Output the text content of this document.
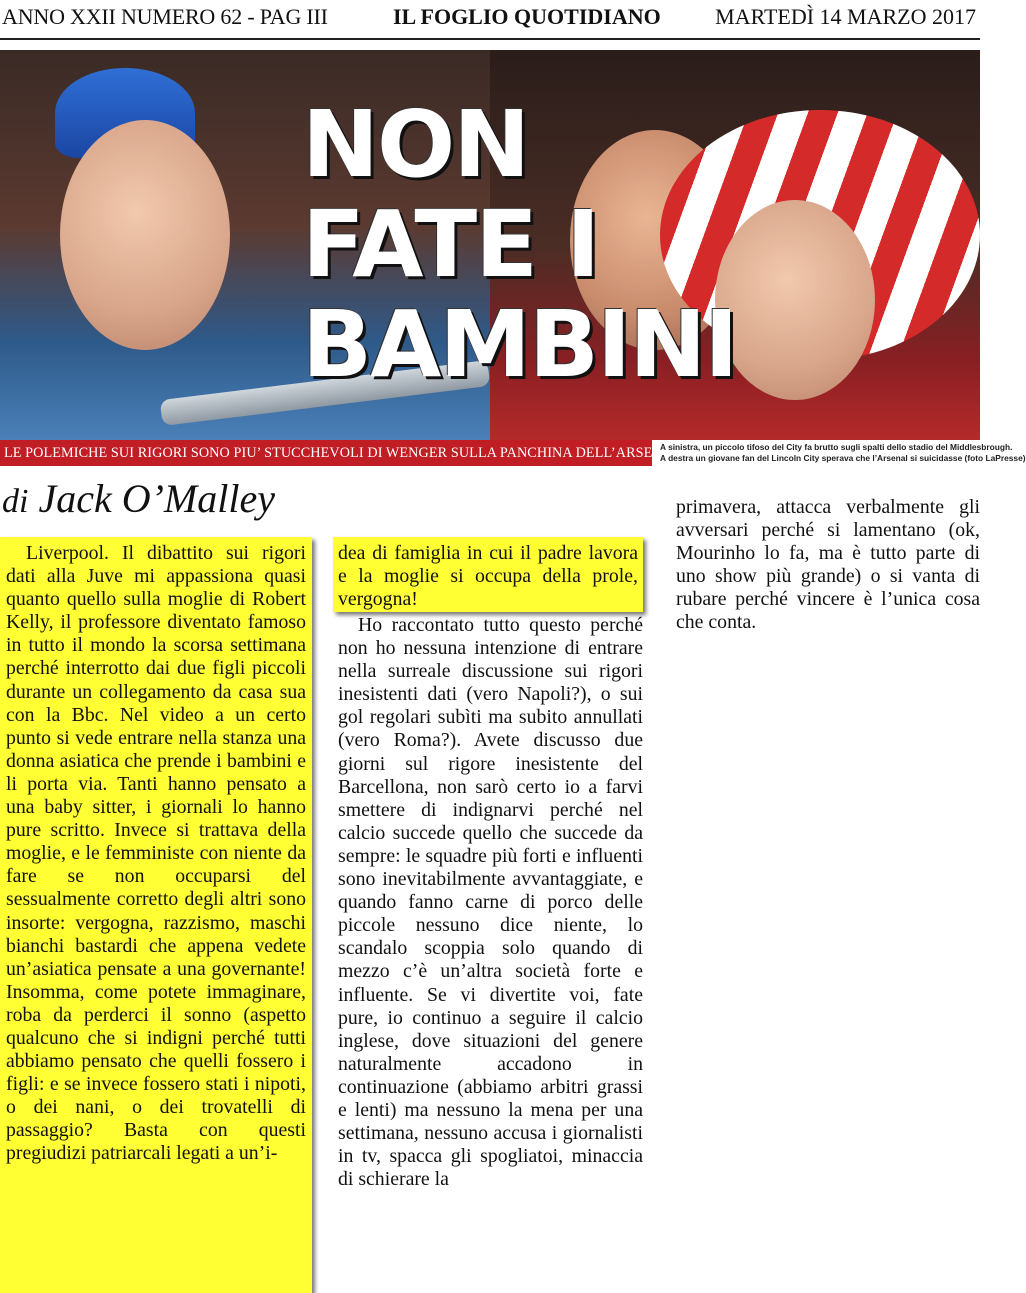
ANNO XXII NUMERO 62 - PAG III	IL FOGLIO QUOTIDIANO MARTEDÌ 14 MARZO 2017
NON
FATE I
BAMBINI
LE POLEMICHE SUI RIGORI SONO PIU’ STUCCHEVOLI DI WENGER SULLA PANCHINA DELL’ARSENAL
A sinistra, un piccolo tifoso del City fa brutto sugli spalti dello stadio del Middlesbrough.
A destra un giovane fan del Lincoln City sperava che l’Arsenal si suicidasse (foto LaPresse)
di Jack O’Malley
Liverpool. Il dibattito sui rigori dati alla Juve mi appassiona quasi quanto quello sulla moglie di Robert Kelly, il professore diventato famoso in tutto il mondo la scorsa settimana perché interrotto dai due figli piccoli durante un collegamento da casa sua con la Bbc. Nel video a un certo punto si vede entrare nella stanza una donna asiatica che prende i bambini e li porta via. Tanti hanno pensato a una baby sitter, i giornali lo hanno pure scritto. Invece si trattava della moglie, e le femministe con niente da fare se non occuparsi del sessualmente corretto degli altri sono insorte: vergogna, razzismo, maschi bianchi bastardi che appena vedete un’asiatica pensate a una governante! Insomma, come potete immaginare, roba da perderci il sonno (aspetto qualcuno che si indigni perché tutti abbiamo pensato che quelli fossero i figli: e se invece fossero stati i nipoti, o dei nani, o dei trovatelli di passaggio? Basta con questi pregiudizi patriarcali legati a un’i-
dea di famiglia in cui il padre lavora e la moglie si occupa della prole, vergogna!
Ho raccontato tutto questo perché non ho nessuna intenzione di entrare nella surreale discussione sui rigori inesistenti dati (vero Napoli?), o sui gol regolari subìti ma subito annullati (vero Roma?). Avete discusso due giorni sul rigore inesistente del Barcellona, non sarò certo io a farvi smettere di indignarvi perché nel calcio succede quello che succede da sempre: le squadre più forti e influenti sono inevitabilmente avvantaggiate, e quando fanno carne di porco delle piccole nessuno dice niente, lo scandalo scoppia solo quando di mezzo c’è un’altra società forte e influente. Se vi divertite voi, fate pure, io continuo a seguire il calcio inglese, dove situazioni del genere naturalmente accadono in continuazione (abbiamo arbitri grassi e lenti) ma nessuno la mena per una settimana, nessuno accusa i giornalisti in tv, spacca gli spogliatoi, minaccia di schierare la
primavera, attacca verbalmente gli avversari perché si lamentano (ok, Mourinho lo fa, ma è tutto parte di uno show più grande) o si vanta di rubare perché vincere è l’unica cosa che conta.
